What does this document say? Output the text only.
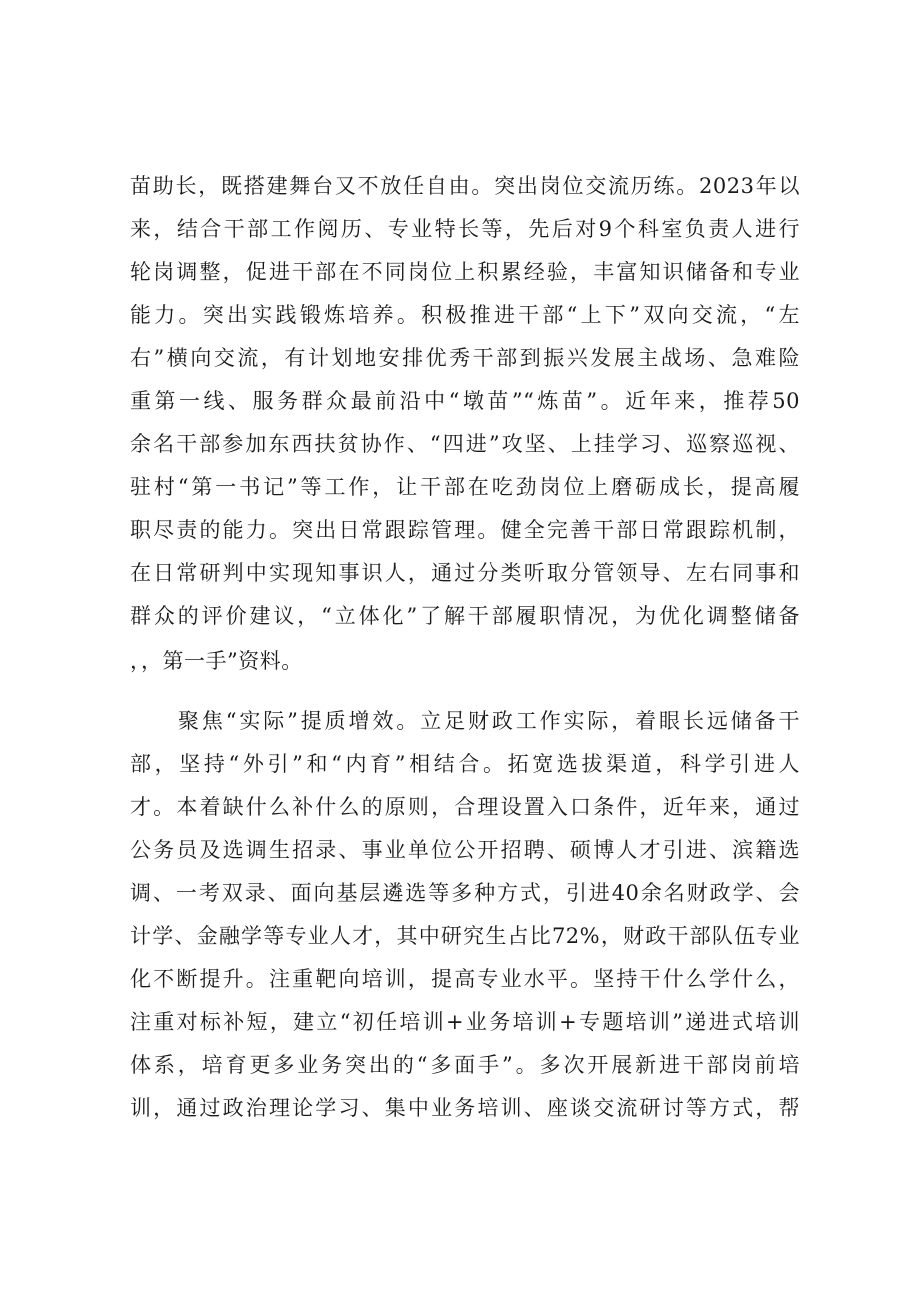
苗助长，既搭建舞台又不放任自由。突出岗位交流历练。2023年以
来，结合干部工作阅历、专业特长等，先后对9个科室负责人进行
轮岗调整，促进干部在不同岗位上积累经验，丰富知识储备和专业
能力。突出实践锻炼培养。积极推进干部“上下”双向交流，“左
右”横向交流，有计划地安排优秀干部到振兴发展主战场、急难险
重第一线、服务群众最前沿中“墩苗”“炼苗”。近年来，推荐50
余名干部参加东西扶贫协作、“四进”攻坚、上挂学习、巡察巡视、
驻村“第一书记”等工作，让干部在吃劲岗位上磨砺成长，提高履
职尽责的能力。突出日常跟踪管理。健全完善干部日常跟踪机制，
在日常研判中实现知事识人，通过分类听取分管领导、左右同事和
群众的评价建议，“立体化”了解干部履职情况，为优化调整储备
，，第一手”资料。
聚焦“实际”提质增效。立足财政工作实际，着眼长远储备干
部，坚持“外引”和“内育”相结合。拓宽选拔渠道，科学引进人
才。本着缺什么补什么的原则，合理设置入口条件，近年来，通过
公务员及选调生招录、事业单位公开招聘、硕博人才引进、滨籍选
调、一考双录、面向基层遴选等多种方式，引进40余名财政学、会
计学、金融学等专业人才，其中研究生占比72%，财政干部队伍专业
化不断提升。注重靶向培训，提高专业水平。坚持干什么学什么，
注重对标补短，建立“初任培训+业务培训+专题培训”递进式培训
体系，培育更多业务突出的“多面手”。多次开展新进干部岗前培
训，通过政治理论学习、集中业务培训、座谈交流研讨等方式，帮
